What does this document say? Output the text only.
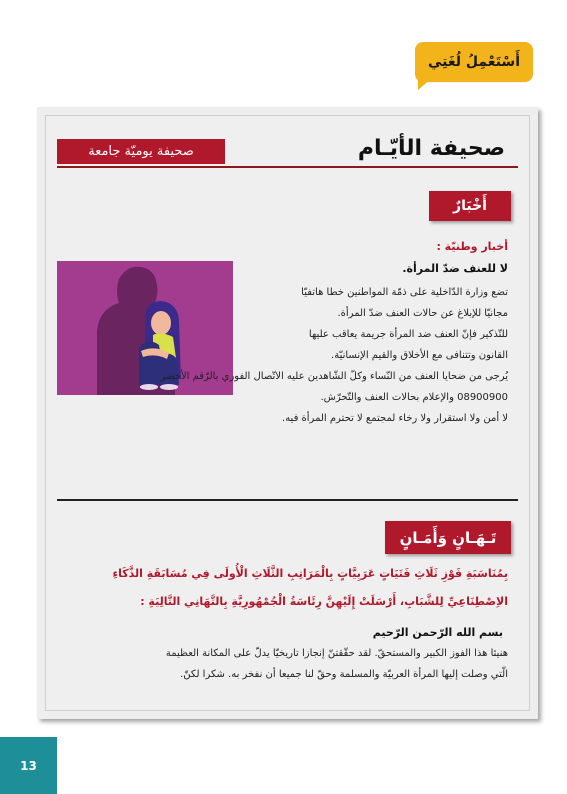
أَسْتَعْمِلُ لُغَتِي
صحيفة الأيّـام
صحيفة يوميّة جامعة
أَخْبَارٌ
أخبار وطنيّة :
لا للعنف ضدّ المرأة.

تضع وزارة الدّاخلية على ذمّة المواطنين خطا هاتفيّا

مجانيّا للإبلاغ عن حالات العنف ضدّ المرأة.

للتّذكير فإنّ العنف ضد المرأة جريمة يعاقب عليها

القانون وتتنافى مع الأخلاق والقيم الإنسانيّة.

يُرجى من ضحايا العنف من النّساء وكلّ الشّاهدين عليه الاتّصال الفوري بالرّقم الأخضر

08900900 والإعلام بحالات العنف والتّحرّش.

لا أمن ولا استقرار ولا رخاء لمجتمع لا تحترم المرأة فيه.

تَـهَـانٍ وَأَمَـانٍ

بِمُنَاسَبَةِ فَوْزِ ثَلَاثِ فَتَيَاتٍ عَرَبِيَّاتٍ بِالْمَرَاتِبِ الثَّلَاثِ الْأُولَى فِي مُسَابَقَةِ الذَّكَاءِ

الاِصْطِنَاعِيِّ لِلشَّبَابِ، أَرْسَلَتْ إِلَيْهِنَّ رِئَاسَةُ الْجُمْهُورِيَّةِ بِالتَّهَانِي التَّالِيَةِ :

بسم الله الرّحمن الرّحيم

هنيئا هذا الفوز الكبير والمستحقّ. لقد حقّقتنّ إنجازا تاريخيّا يدلّ على المكانة العظيمة

الّتي وصلت إليها المرأة العربيّة والمسلمة وحقّ لنا جميعا أن نفخر به. شكرا لكنّ.

13
